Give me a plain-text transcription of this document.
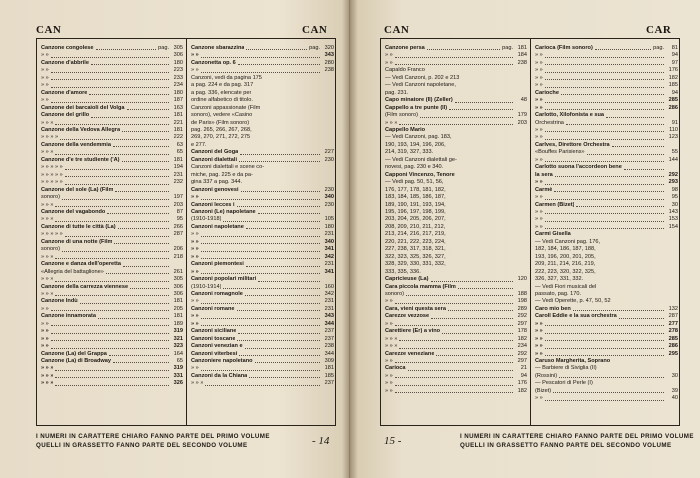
CAN	CAN
Canzone congolese	pag. 305
» »	306
Canzone d'abbrile	180
» »	223
» »	233
» »	234
Canzone d'amore	180
» »	187
Canzone dei barcaioli del Volga	163
Canzone del grillo	181
» » »	221
Canzone della Vedova Allegra	181
» » » »	222
Canzone della vendemmia	63
» » »	65
Canzone d'e tre studiente ('A)	181
» » » » »	194
» » » » »	231
» » » » »	232
Canzone del sole (La) (Film
sonoro)	197
» » »	203
Canzone del vagabondo	87
» » »	95
Canzone di tutte le città (La)	266
» » » » »	287
Canzone di una notte (Film
sonoro)	206
» » »	218
Canzone e danza dell'operetta
«Allegria del battaglione»	261
» » »	305
Canzone della carrezza viennese	306
» » »	306
Canzone Indù	181
» »	205
Canzone innamorata	181
» »	189
» »	319
» »	321
» »	323
Canzone (La) del Grappa	164
Canzone (La) di Broadway	65
» » »	319
» » »	331
» » »	326
Canzone sbarazzina	pag. 320
» »	343
Canzonetta op. 6	280
» »	238
Canzoni, vedi da pagina 175
a pag. 224 e da pag. 317
a pag. 336, elencate per
ordine alfabetico di titolo.
Canzoni appassionate (Film
sonoro), vedere «Casino
de Paris» (Film sonoro)
pag. 265, 266, 267, 268,
269, 270, 271, 272, 275
e 277.
Canzoni del Goga	227
Canzoni dialettali	230
Canzoni dialettali e scene co-
miche, pag. 225 e da pa-
gina 337 a pag. 344.
Canzoni genovesi	230
» »	340
Canzoni lecces i	230
Canzoni (Le) napoletane
(1910-1918)	105
Canzoni napoletane	180
» »	231
» »	340
» »	341
» »	342
Canzoni piemontesi	231
» »	341
Canzoni popolari militari
(1910-1914)	160
Canzoni romagnole	342
» »	231
Canzoni romane	231
» »	343
» »	344
Canzoni siciliane	237
Canzoni toscane	237
Canzoni venezian e	238
Canzoni viterbesi	344
Canzoniere napoletano	309
» »	181
Canzoni da la Chiana	185
» » »	237
I NUMERI IN CARATTERE CHIARO FANNO PARTE DEL PRIMO VOLUME
QUELLI IN GRASSETTO FANNO PARTE DEL SECONDO VOLUME	- 14
CAN	CAR
Canzone persa	pag. 181
» »	184
» »	238
Capaldo Franco
— Vedi Canzoni, p. 202 e 213
— Vedi Canzoni napoletane,
pag. 231.
Capo minatore (Il) (Zeller)	48
Cappello a tre punte (Il)
(Film sonoro)	179
» » »	203
Cappello Mario
— Vedi Canzoni, pag. 183,
190, 193, 194, 196, 206,
214, 319, 327, 333.
— Vedi Canzoni dialettali ge-
novesi, pag. 230 e 340.
Capponi Vincenzo, Tenore
— Vedi pag. 50, 51, 56,
176, 177, 178, 181, 182,
183, 184, 185, 186, 187,
189, 190, 191, 193, 194,
195, 196, 197, 198, 199,
203, 204, 205, 206, 207,
208, 209, 210, 211, 212,
213, 214, 216, 217, 219,
220, 221, 222, 223, 224,
227, 238, 317, 318, 321,
322, 323, 325, 326, 327,
328, 329, 330, 331, 332,
333, 335, 336.
Capricieuse (La)	120
Cara piccola mamma (Film
sonoro)	188
» »	198
Cara, vieni questa sera	289
Carezze vezzose	292
» »	297
Carettiere (Er) a vino	178
» » »	182
» » »	234
Carezze veneziane	292
» »	297
Carioca	21
» »	94
» »	176
» »	182
Carioca (Film sonoro)	pag.	81
» »	94
» »	97
» »	176
» »	182
» »	185
Carioche	94
» »	285
» »	286
Carlotto, Xilofonista e sua
Orchestrina	91
» »	110
» »	123
Carlves, Direttore Orchestra
«Bouffes Parisiens»	55
» »	144
Carlotto suona l'accordeon bene
la sera	292
» »	293
Carmè	98
» »	95
Carmen (Bizet)	30
» »	143
» »	153
» »	154
Carmi Gisella
— Vedi Canzoni pag. 176,
182, 184, 186, 187, 188,
193, 196, 200, 201, 205,
209, 211, 214, 216, 219,
222, 223, 320, 322, 325,
326, 327, 331, 332.
— Vedi Fiori musicali del
passato, pag. 170.
— Vedi Operette, p. 47, 50, 52
Caro mio ben	132
Caroll Eddie e la sua orchestra	287
» »	277
» »	278
» »	285
» »	286
» »	295
Caruso Margherita, Soprano
— Barbiere di Siviglia (Il)
(Rossini)	30
— Pescatori di Perle (I)
(Bizet)	39
» »	40
15 -	I NUMERI IN CARATTERE CHIARO FANNO PARTE DEL PRIMO VOLUME
QUELLI IN GRASSETTO FANNO PARTE DEL SECONDO VOLUME
